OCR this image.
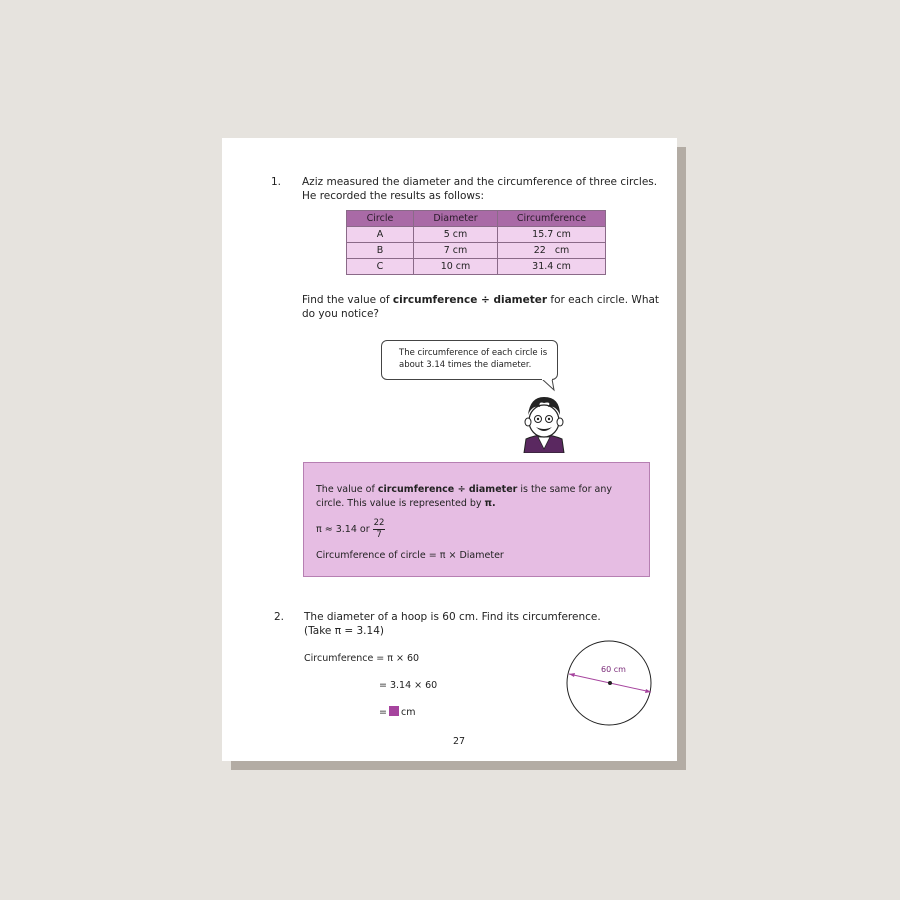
1. Aziz measured the diameter and the circumference of three circles.
He recorded the results as follows:
Circle	Diameter	Circumference
A	5 cm	15.7 cm
B	7 cm	22   cm
C	10 cm	31.4 cm
Find the value of circumference ÷ diameter for each circle. What
do you notice?
The circumference of each circle is
about 3.14 times the diameter.
The value of circumference ÷ diameter is the same for any
circle. This value is represented by π.
π ≈ 3.14 or $\frac{22}{7}$
Circumference of circle = π × Diameter
2. The diameter of a hoop is 60 cm. Find its circumference.
(Take π = 3.14)
Circumference = π × 60
= 3.14 × 60
= cm
60 cm
27
